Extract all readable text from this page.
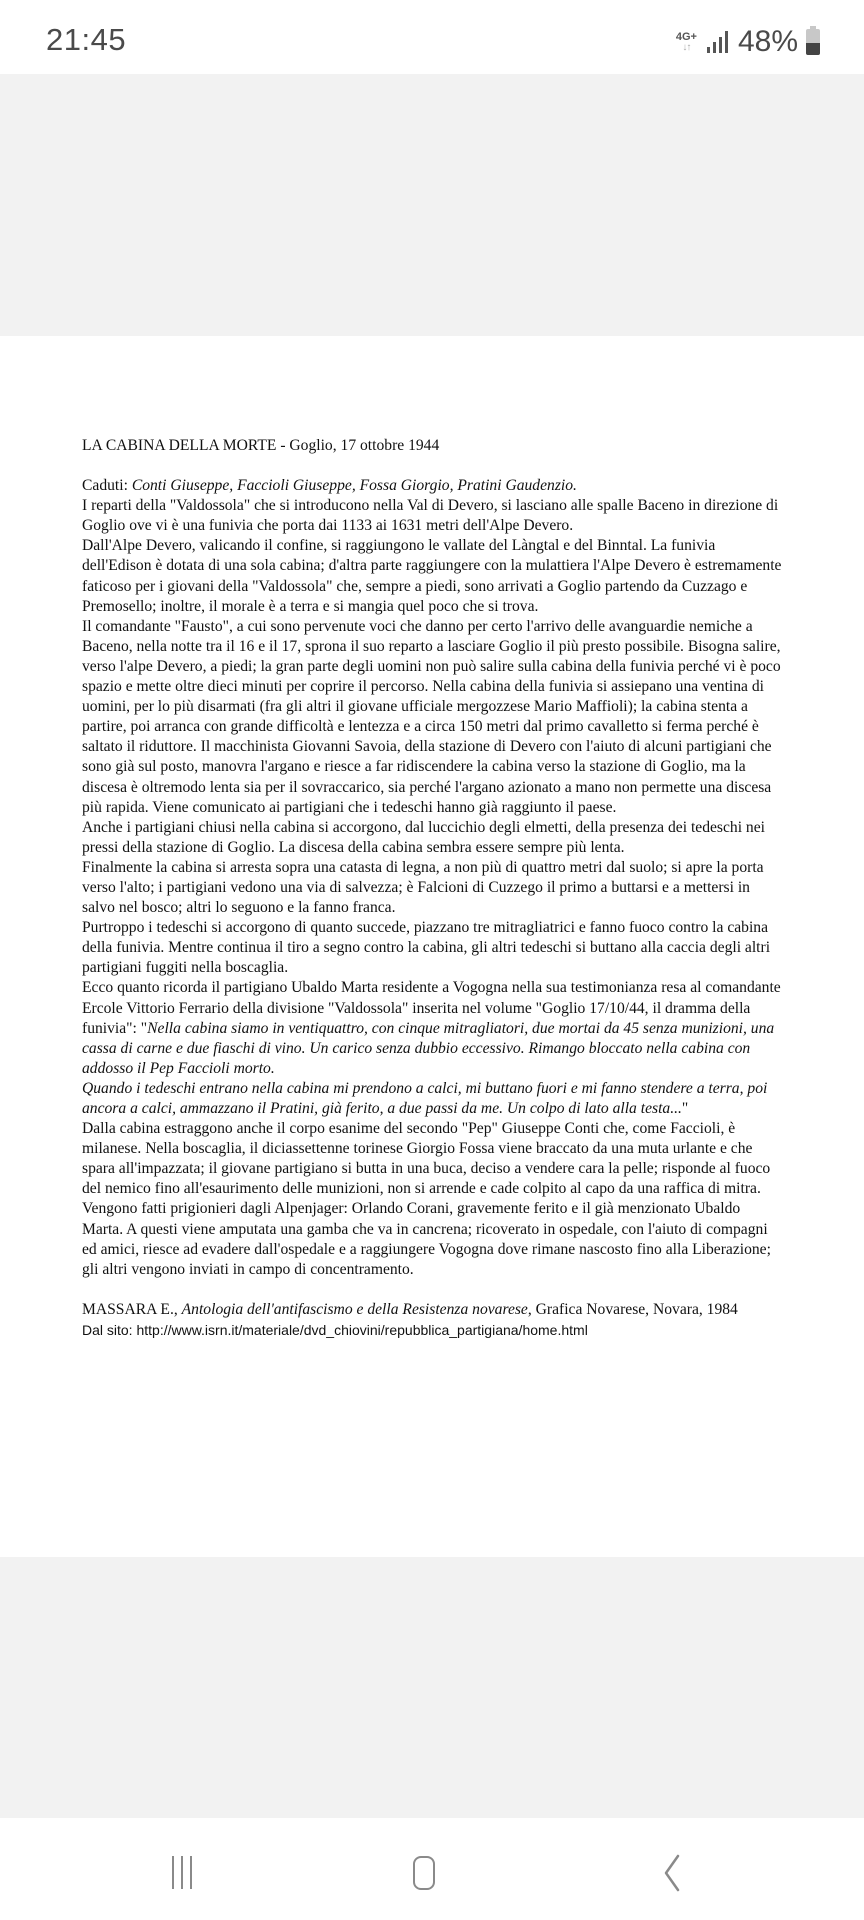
21:45	4G+
↓↑ 48%

LA CABINA DELLA MORTE - Goglio, 17 ottobre 1944

Caduti: Conti Giuseppe, Faccioli Giuseppe, Fossa Giorgio, Pratini Gaudenzio.

I reparti della "Valdossola" che si introducono nella Val di Devero, si lasciano alle spalle Baceno in direzione di Goglio ove vi è una funivia che porta dai 1133 ai 1631 metri dell'Alpe Devero.

Dall'Alpe Devero, valicando il confine, si raggiungono le vallate del Làngtal e del Binntal. La funivia dell'Edison è dotata di una sola cabina; d'altra parte raggiungere con la mulattiera l'Alpe Devero è estremamente faticoso per i giovani della "Valdossola" che, sempre a piedi, sono arrivati a Goglio partendo da Cuzzago e Premosello; inoltre, il morale è a terra e si mangia quel poco che si trova.

Il comandante "Fausto", a cui sono pervenute voci che danno per certo l'arrivo delle avanguardie nemiche a Baceno, nella notte tra il 16 e il 17, sprona il suo reparto a lasciare Goglio il più presto possibile. Bisogna salire, verso l'alpe Devero, a piedi; la gran parte degli uomini non può salire sulla cabina della funivia perché vi è poco spazio e mette oltre dieci minuti per coprire il percorso. Nella cabina della funivia si assiepano una ventina di uomini, per lo più disarmati (fra gli altri il giovane ufficiale mergozzese Mario Maffioli); la cabina stenta a partire, poi arranca con grande difficoltà e lentezza e a circa 150 metri dal primo cavalletto si ferma perché è saltato il riduttore. Il macchinista Giovanni Savoia, della stazione di Devero con l'aiuto di alcuni partigiani che sono già sul posto, manovra l'argano e riesce a far ridiscendere la cabina verso la stazione di Goglio, ma la discesa è oltremodo lenta sia per il sovraccarico, sia perché l'argano azionato a mano non permette una discesa più rapida. Viene comunicato ai partigiani che i tedeschi hanno già raggiunto il paese.

Anche i partigiani chiusi nella cabina si accorgono, dal luccichio degli elmetti, della presenza dei tedeschi nei pressi della stazione di Goglio. La discesa della cabina sembra essere sempre più lenta.

Finalmente la cabina si arresta sopra una catasta di legna, a non più di quattro metri dal suolo; si apre la porta verso l'alto; i partigiani vedono una via di salvezza; è Falcioni di Cuzzego il primo a buttarsi e a mettersi in salvo nel bosco; altri lo seguono e la fanno franca.

Purtroppo i tedeschi si accorgono di quanto succede, piazzano tre mitragliatrici e fanno fuoco contro la cabina della funivia. Mentre continua il tiro a segno contro la cabina, gli altri tedeschi si buttano alla caccia degli altri partigiani fuggiti nella boscaglia.

Ecco quanto ricorda il partigiano Ubaldo Marta residente a Vogogna nella sua testimonianza resa al comandante Ercole Vittorio Ferrario della divisione "Valdossola" inserita nel volume "Goglio 17/10/44, il dramma della funivia": "Nella cabina siamo in ventiquattro, con cinque mitragliatori, due mortai da 45 senza munizioni, una cassa di carne e due fiaschi di vino. Un carico senza dubbio eccessivo. Rimango bloccato nella cabina con addosso il Pep Faccioli morto.

Quando i tedeschi entrano nella cabina mi prendono a calci, mi buttano fuori e mi fanno stendere a terra, poi ancora a calci, ammazzano il Pratini, già ferito, a due passi da me. Un colpo di lato alla testa..."

Dalla cabina estraggono anche il corpo esanime del secondo "Pep" Giuseppe Conti che, come Faccioli, è milanese. Nella boscaglia, il diciassettenne torinese Giorgio Fossa viene braccato da una muta urlante e che spara all'impazzata; il giovane partigiano si butta in una buca, deciso a vendere cara la pelle; risponde al fuoco del nemico fino all'esaurimento delle munizioni, non si arrende e cade colpito al capo da una raffica di mitra.

Vengono fatti prigionieri dagli Alpenjager: Orlando Corani, gravemente ferito e il già menzionato Ubaldo Marta. A questi viene amputata una gamba che va in cancrena; ricoverato in ospedale, con l'aiuto di compagni ed amici, riesce ad evadere dall'ospedale e a raggiungere Vogogna dove rimane nascosto fino alla Liberazione; gli altri vengono inviati in campo di concentramento.

MASSARA E., Antologia dell'antifascismo e della Resistenza novarese, Grafica Novarese, Novara, 1984

Dal sito: http://www.isrn.it/materiale/dvd_chiovini/repubblica_partigiana/home.html
